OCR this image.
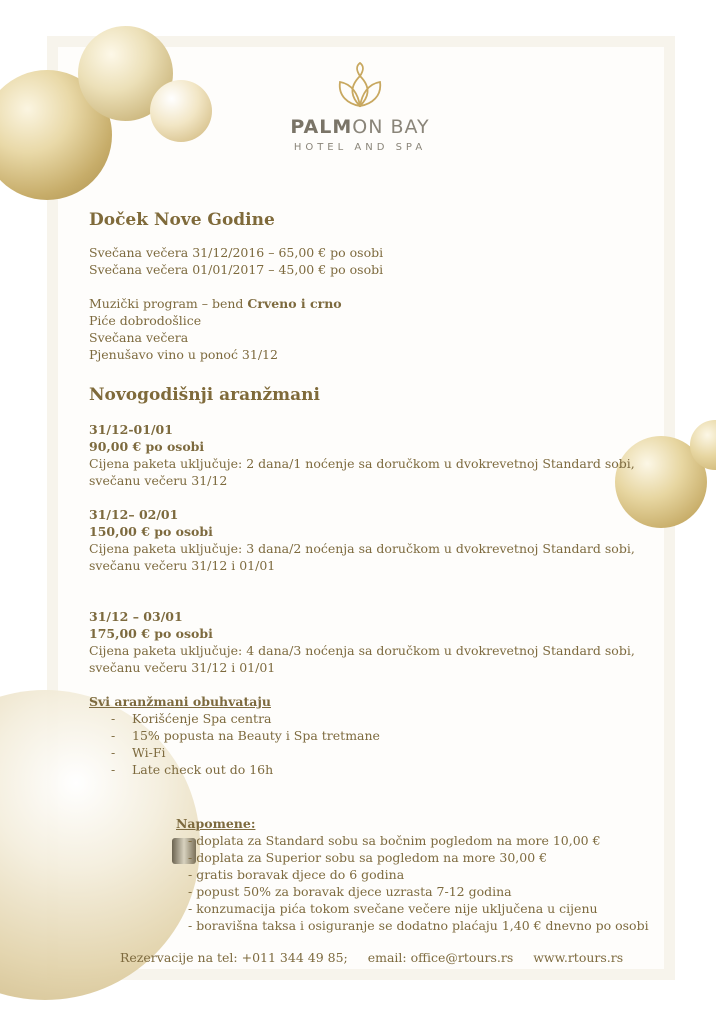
PALMON BAY
HOTEL AND SPA
Doček Nove Godine

Svečana večera 31/12/2016 – 65,00 € po osobi

Svečana večera 01/01/2017 – 45,00 € po osobi

Muzički program – bend Crveno i crno

Piće dobrodošlice

Svečana večera

Pjenušavo vino u ponoć 31/12

Novogodišnji aranžmani

31/12-01/01

90,00 € po osobi

Cijena paketa uključuje: 2 dana/1 noćenje sa doručkom u dvokrevetnoj Standard sobi,

svečanu večeru 31/12

31/12– 02/01

150,00 € po osobi

Cijena paketa uključuje: 3 dana/2 noćenja sa doručkom u dvokrevetnoj Standard sobi,

svečanu večeru 31/12 i 01/01

31/12 – 03/01

175,00 € po osobi

Cijena paketa uključuje: 4 dana/3 noćenja sa doručkom u dvokrevetnoj Standard sobi,

svečanu večeru 31/12 i 01/01

Svi aranžmani obuhvataju

-	Korišćenje Spa centra
-	15% popusta na Beauty i Spa tretmane
-	Wi-Fi
-	Late check out do 16h

Napomene:

- doplata za Standard sobu sa bočnim pogledom na more 10,00 €

- doplata za Superior sobu sa pogledom na more 30,00 €

- gratis boravak djece do 6 godina

- popust 50% za boravak djece uzrasta 7-12 godina

- konzumacija pića tokom svečane večere nije uključena u cijenu

- boravišna taksa i osiguranje se dodatno plaćaju 1,40 € dnevno po osobi

Rezervacije na tel: +011 344 49 85; email: office@rtours.rs www.rtours.rs
